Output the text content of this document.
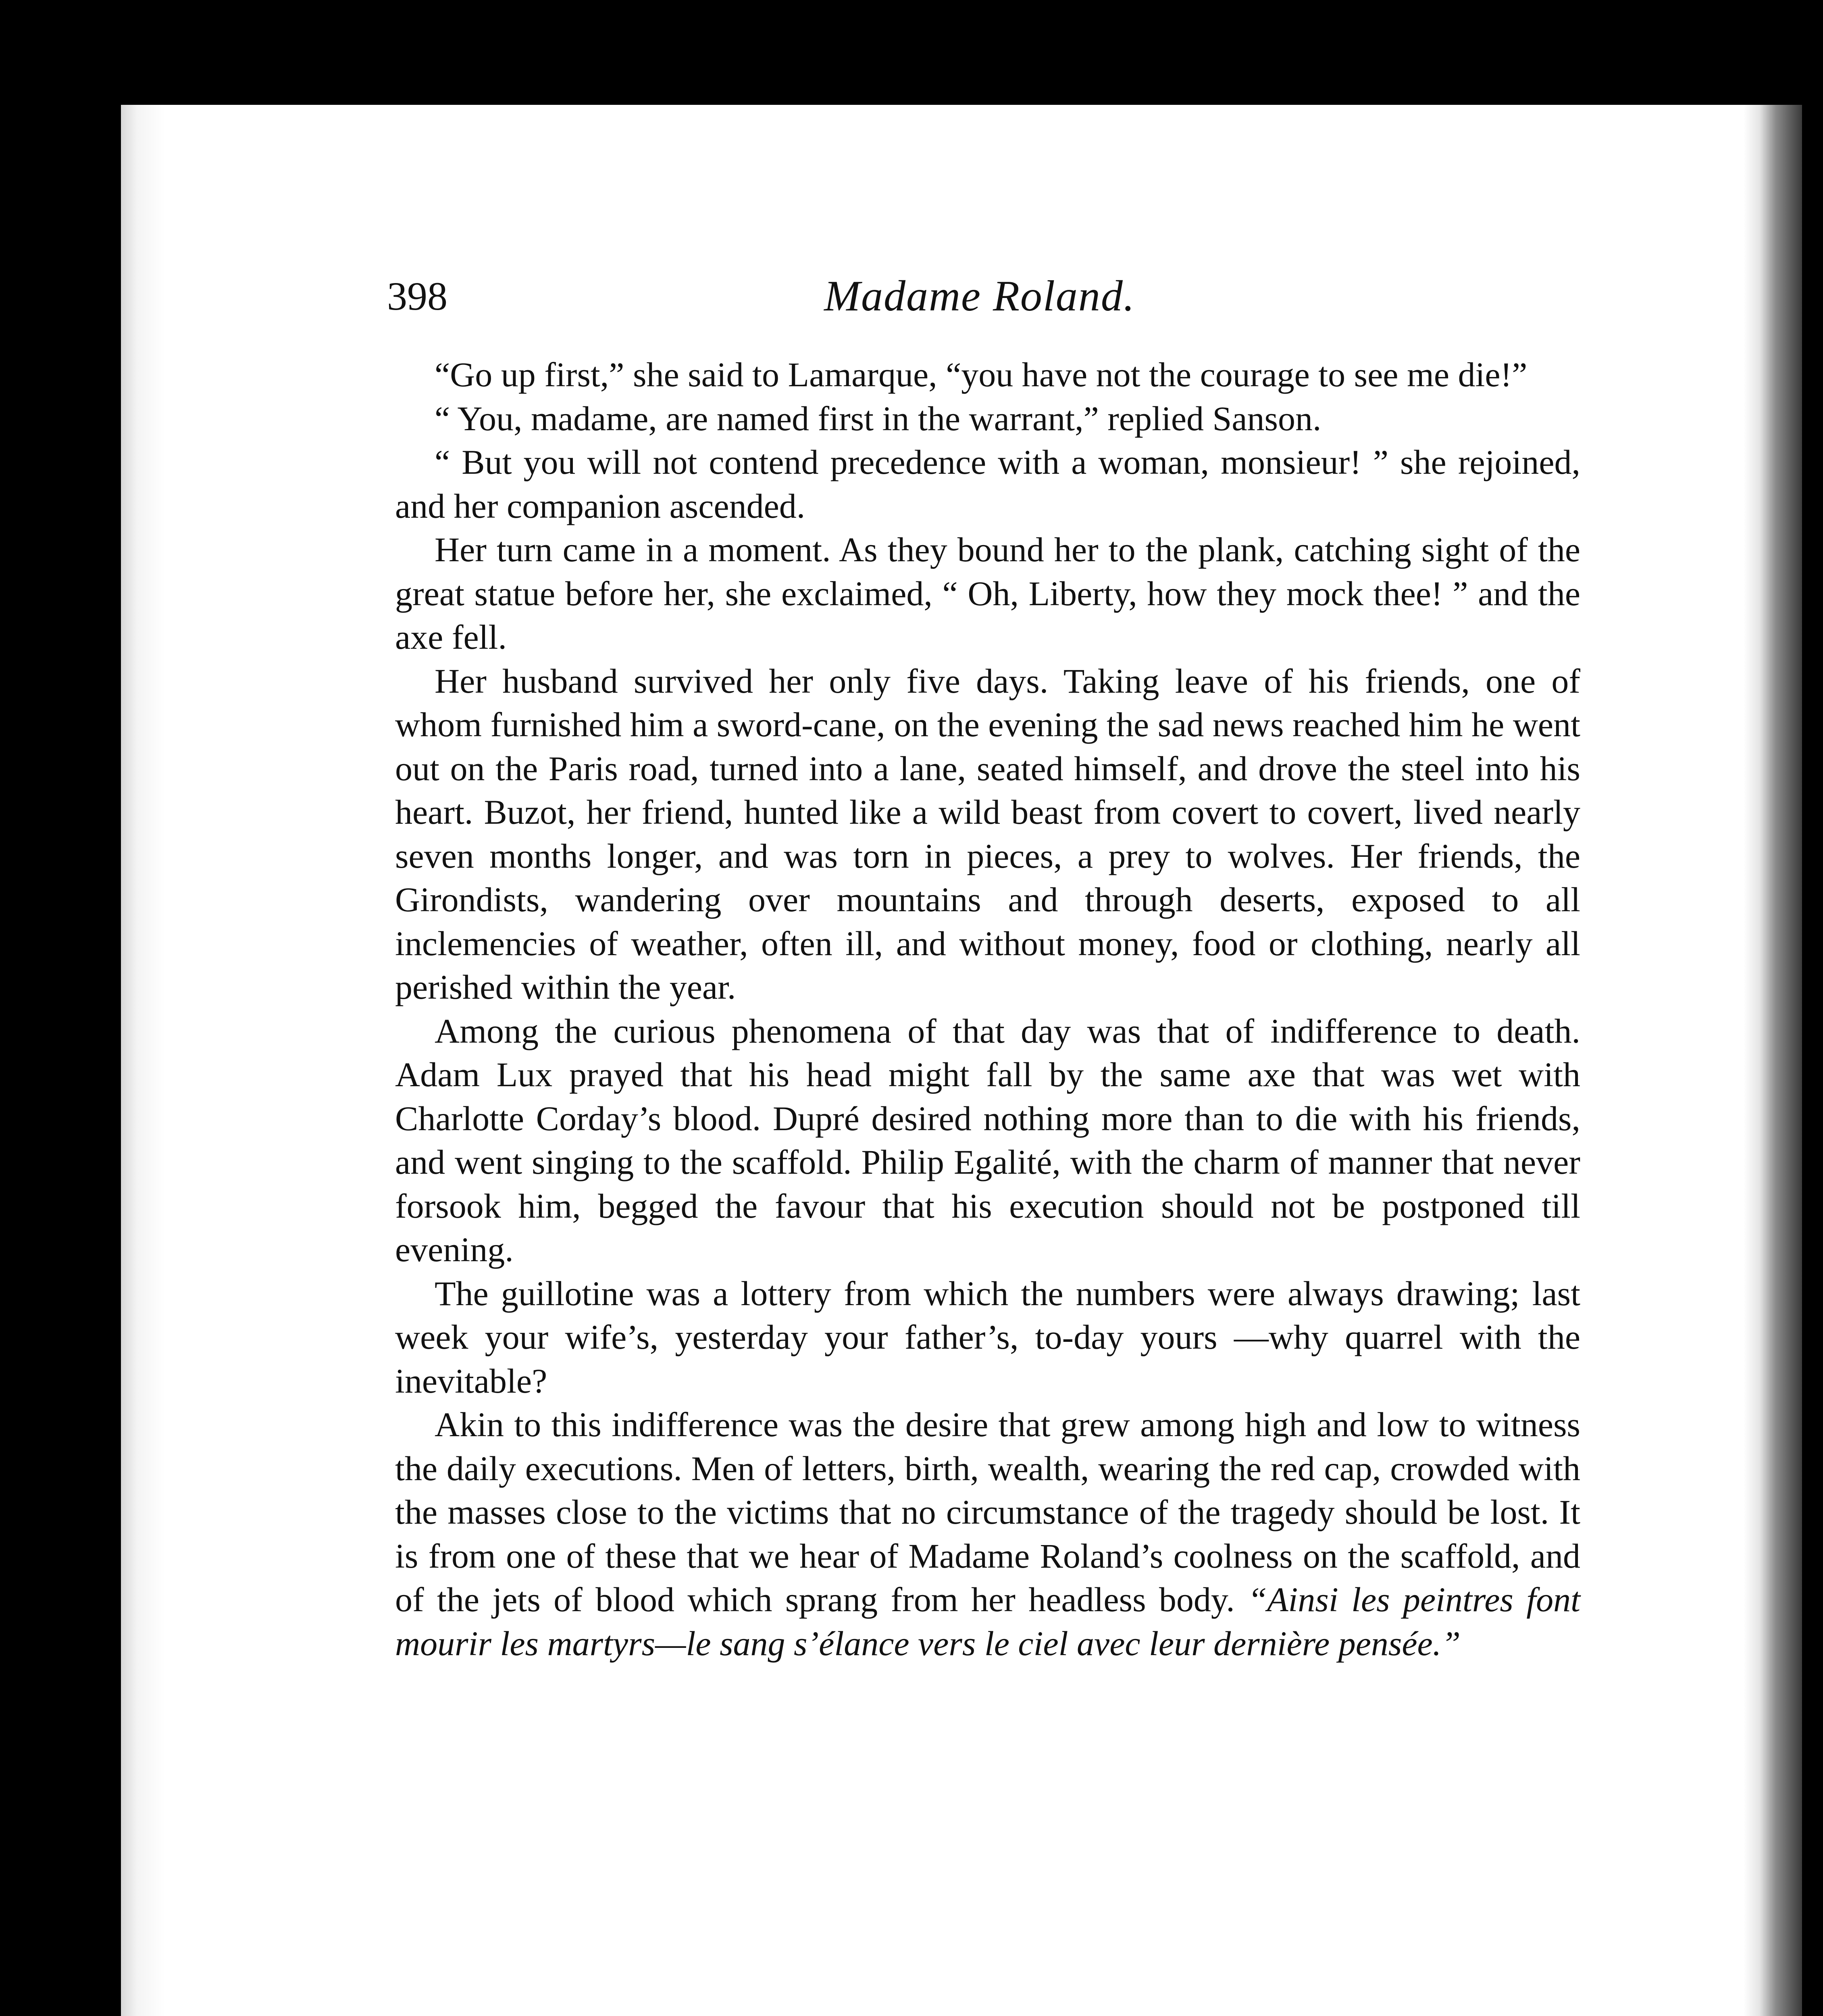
398	Madame Roland.

“Go up first,” she said to Lamarque, “you have not the courage to see me die!”

“ You, madame, are named first in the warrant,” replied Sanson.

“ But you will not contend precedence with a woman, monsieur! ” she rejoined, and her companion ascended.

Her turn came in a moment. As they bound her to the plank, catching sight of the great statue before her, she exclaimed, “ Oh, Liberty, how they mock thee! ” and the axe fell.

Her husband survived her only five days. Taking leave of his friends, one of whom furnished him a sword-cane, on the evening the sad news reached him he went out on the Paris road, turned into a lane, seated himself, and drove the steel into his heart. Buzot, her friend, hunted like a wild beast from covert to covert, lived nearly seven months longer, and was torn in pieces, a prey to wolves. Her friends, the Girondists, wandering over mountains and through deserts, exposed to all inclemencies of weather, often ill, and without money, food or clothing, nearly all perished within the year.

Among the curious phenomena of that day was that of indifference to death. Adam Lux prayed that his head might fall by the same axe that was wet with Charlotte Corday’s blood. Dupré desired nothing more than to die with his friends, and went singing to the scaffold. Philip Egalité, with the charm of manner that never forsook him, begged the favour that his execution should not be postponed till evening.

The guillotine was a lottery from which the numbers were always drawing; last week your wife’s, yesterday your father’s, to-day yours —why quarrel with the inevitable?

Akin to this indifference was the desire that grew among high and low to witness the daily executions. Men of letters, birth, wealth, wearing the red cap, crowded with the masses close to the victims that no circumstance of the tragedy should be lost. It is from one of these that we hear of Madame Roland’s coolness on the scaffold, and of the jets of blood which sprang from her headless body. “Ainsi les peintres font mourir les martyrs—le sang s’élance vers le ciel avec leur dernière pensée.”
